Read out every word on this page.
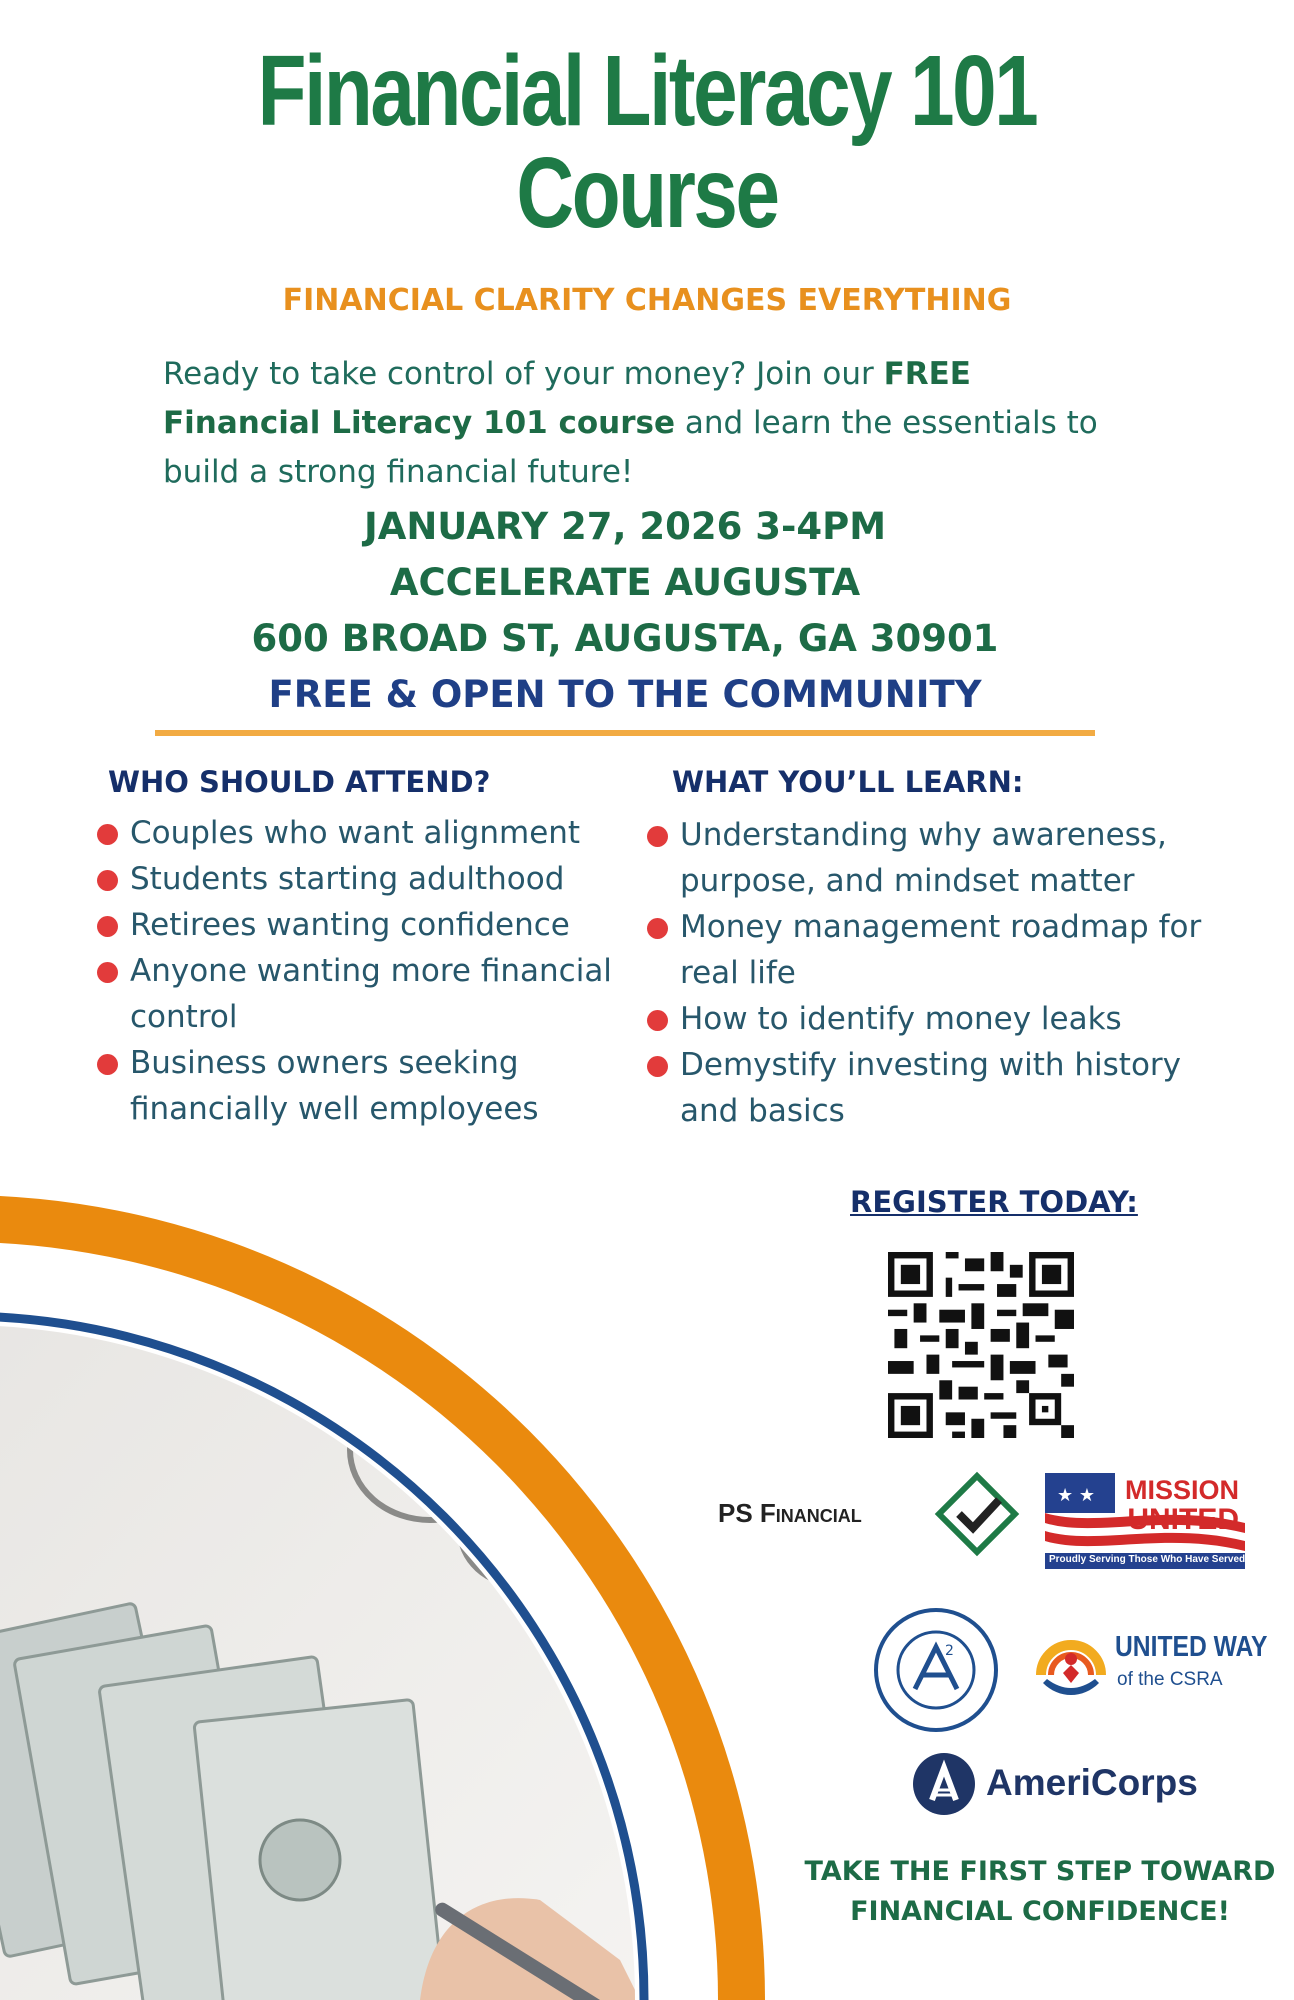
Financial Literacy 101
Course
FINANCIAL CLARITY CHANGES EVERYTHING
Ready to take control of your money? Join our FREE Financial Literacy 101 course and learn the essentials to build a strong financial future!
JANUARY 27, 2026 3-4PM
ACCELERATE AUGUSTA
600 BROAD ST, AUGUSTA, GA 30901
FREE & OPEN TO THE COMMUNITY
WHO SHOULD ATTEND?
Couples who want alignment
Students starting adulthood
Retirees wanting confidence
Anyone wanting more financial control
Business owners seeking financially well employees
WHAT YOU’LL LEARN:
Understanding why awareness, purpose, and mindset matter
Money management roadmap for real life
How to identify money leaks
Demystify investing with history and basics
REGISTER TODAY:
PS Financial
★ ★ MISSION
UNITED
Proudly Serving Those Who Have Served
2	UNITED WAY
of the CSRA
AmeriCorps
TAKE THE FIRST STEP TOWARD
FINANCIAL CONFIDENCE!
